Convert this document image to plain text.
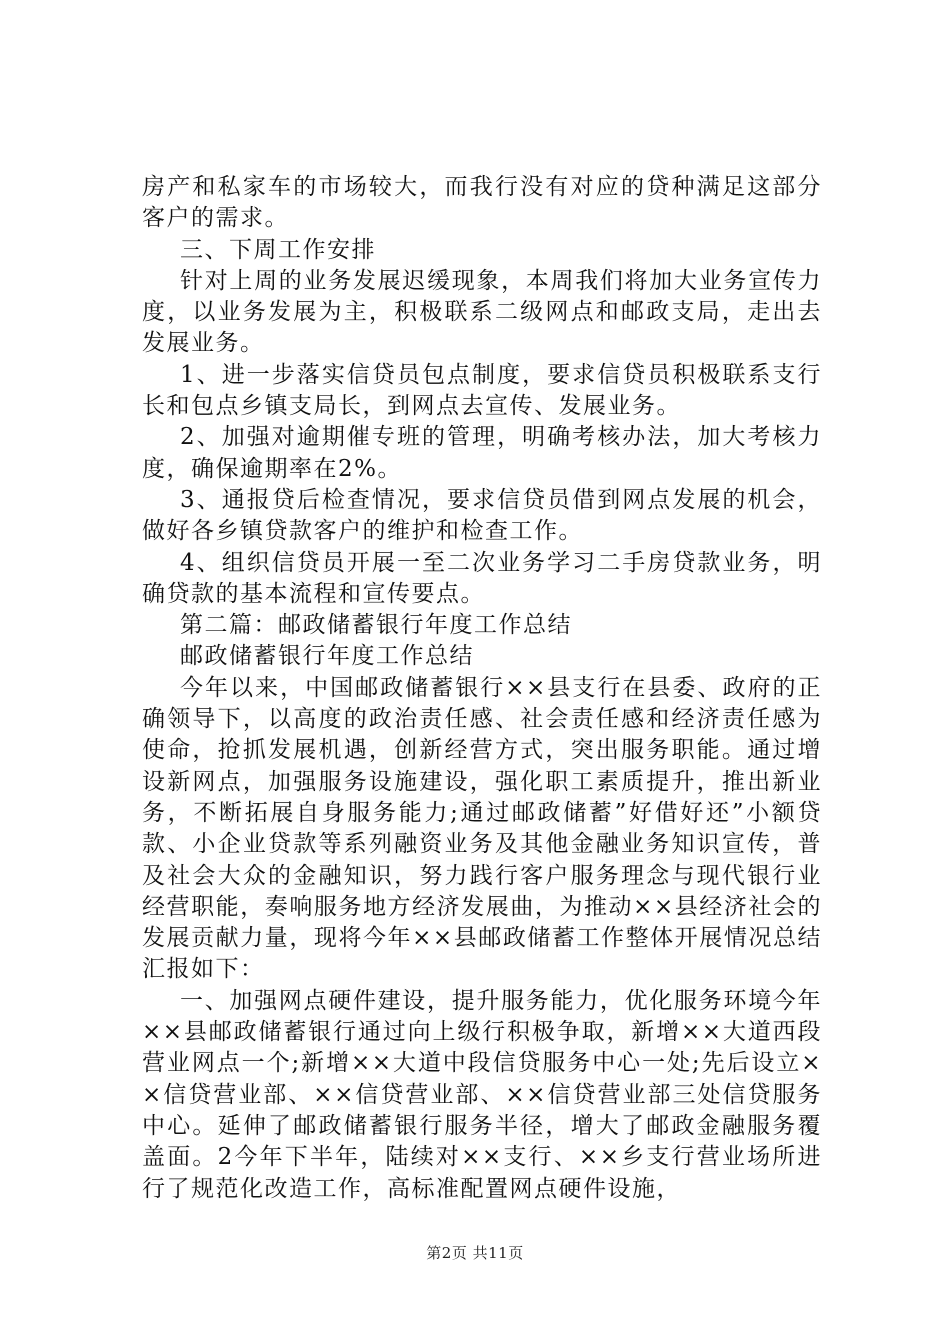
房产和私家车的市场较大，而我行没有对应的贷种满足这部分客户的需求。

三、下周工作安排

针对上周的业务发展迟缓现象，本周我们将加大业务宣传力度，以业务发展为主，积极联系二级网点和邮政支局，走出去发展业务。

1、进一步落实信贷员包点制度，要求信贷员积极联系支行长和包点乡镇支局长，到网点去宣传、发展业务。

2、加强对逾期催专班的管理，明确考核办法，加大考核力度，确保逾期率在2%。

3、通报贷后检查情况，要求信贷员借到网点发展的机会，做好各乡镇贷款客户的维护和检查工作。

4、组织信贷员开展一至二次业务学习二手房贷款业务，明确贷款的基本流程和宣传要点。

第二篇：邮政储蓄银行年度工作总结

邮政储蓄银行年度工作总结

今年以来，中国邮政储蓄银行××县支行在县委、政府的正确领导下，以高度的政治责任感、社会责任感和经济责任感为使命，抢抓发展机遇，创新经营方式，突出服务职能。通过增设新网点，加强服务设施建设，强化职工素质提升，推出新业务，不断拓展自身服务能力;通过邮政储蓄”好借好还”小额贷款、小企业贷款等系列融资业务及其他金融业务知识宣传，普及社会大众的金融知识，努力践行客户服务理念与现代银行业经营职能，奏响服务地方经济发展曲，为推动××县经济社会的发展贡献力量，现将今年××县邮政储蓄工作整体开展情况总结汇报如下：

一、加强网点硬件建设，提升服务能力，优化服务环境今年××县邮政储蓄银行通过向上级行积极争取，新增××大道西段营业网点一个;新增××大道中段信贷服务中心一处;先后设立××信贷营业部、××信贷营业部、××信贷营业部三处信贷服务中心。延伸了邮政储蓄银行服务半径，增大了邮政金融服务覆盖面。2今年下半年，陆续对××支行、××乡支行营业场所进行了规范化改造工作，高标准配置网点硬件设施，

第2页 共11页
